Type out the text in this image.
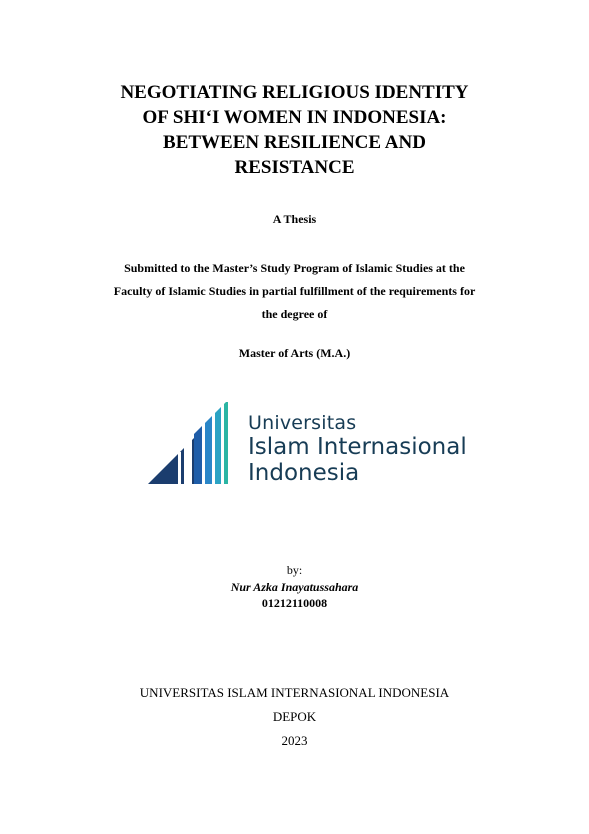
NEGOTIATING RELIGIOUS IDENTITY
OF SHI‘I WOMEN IN INDONESIA:
BETWEEN RESILIENCE AND
RESISTANCE
A Thesis
Submitted to the Master’s Study Program of Islamic Studies at the
Faculty of Islamic Studies in partial fulfillment of the requirements for
the degree of
Master of Arts (M.A.)
Universitas
Islam Internasional
Indonesia
by:
Nur Azka Inayatussahara
01212110008
UNIVERSITAS ISLAM INTERNASIONAL INDONESIA
DEPOK
2023
